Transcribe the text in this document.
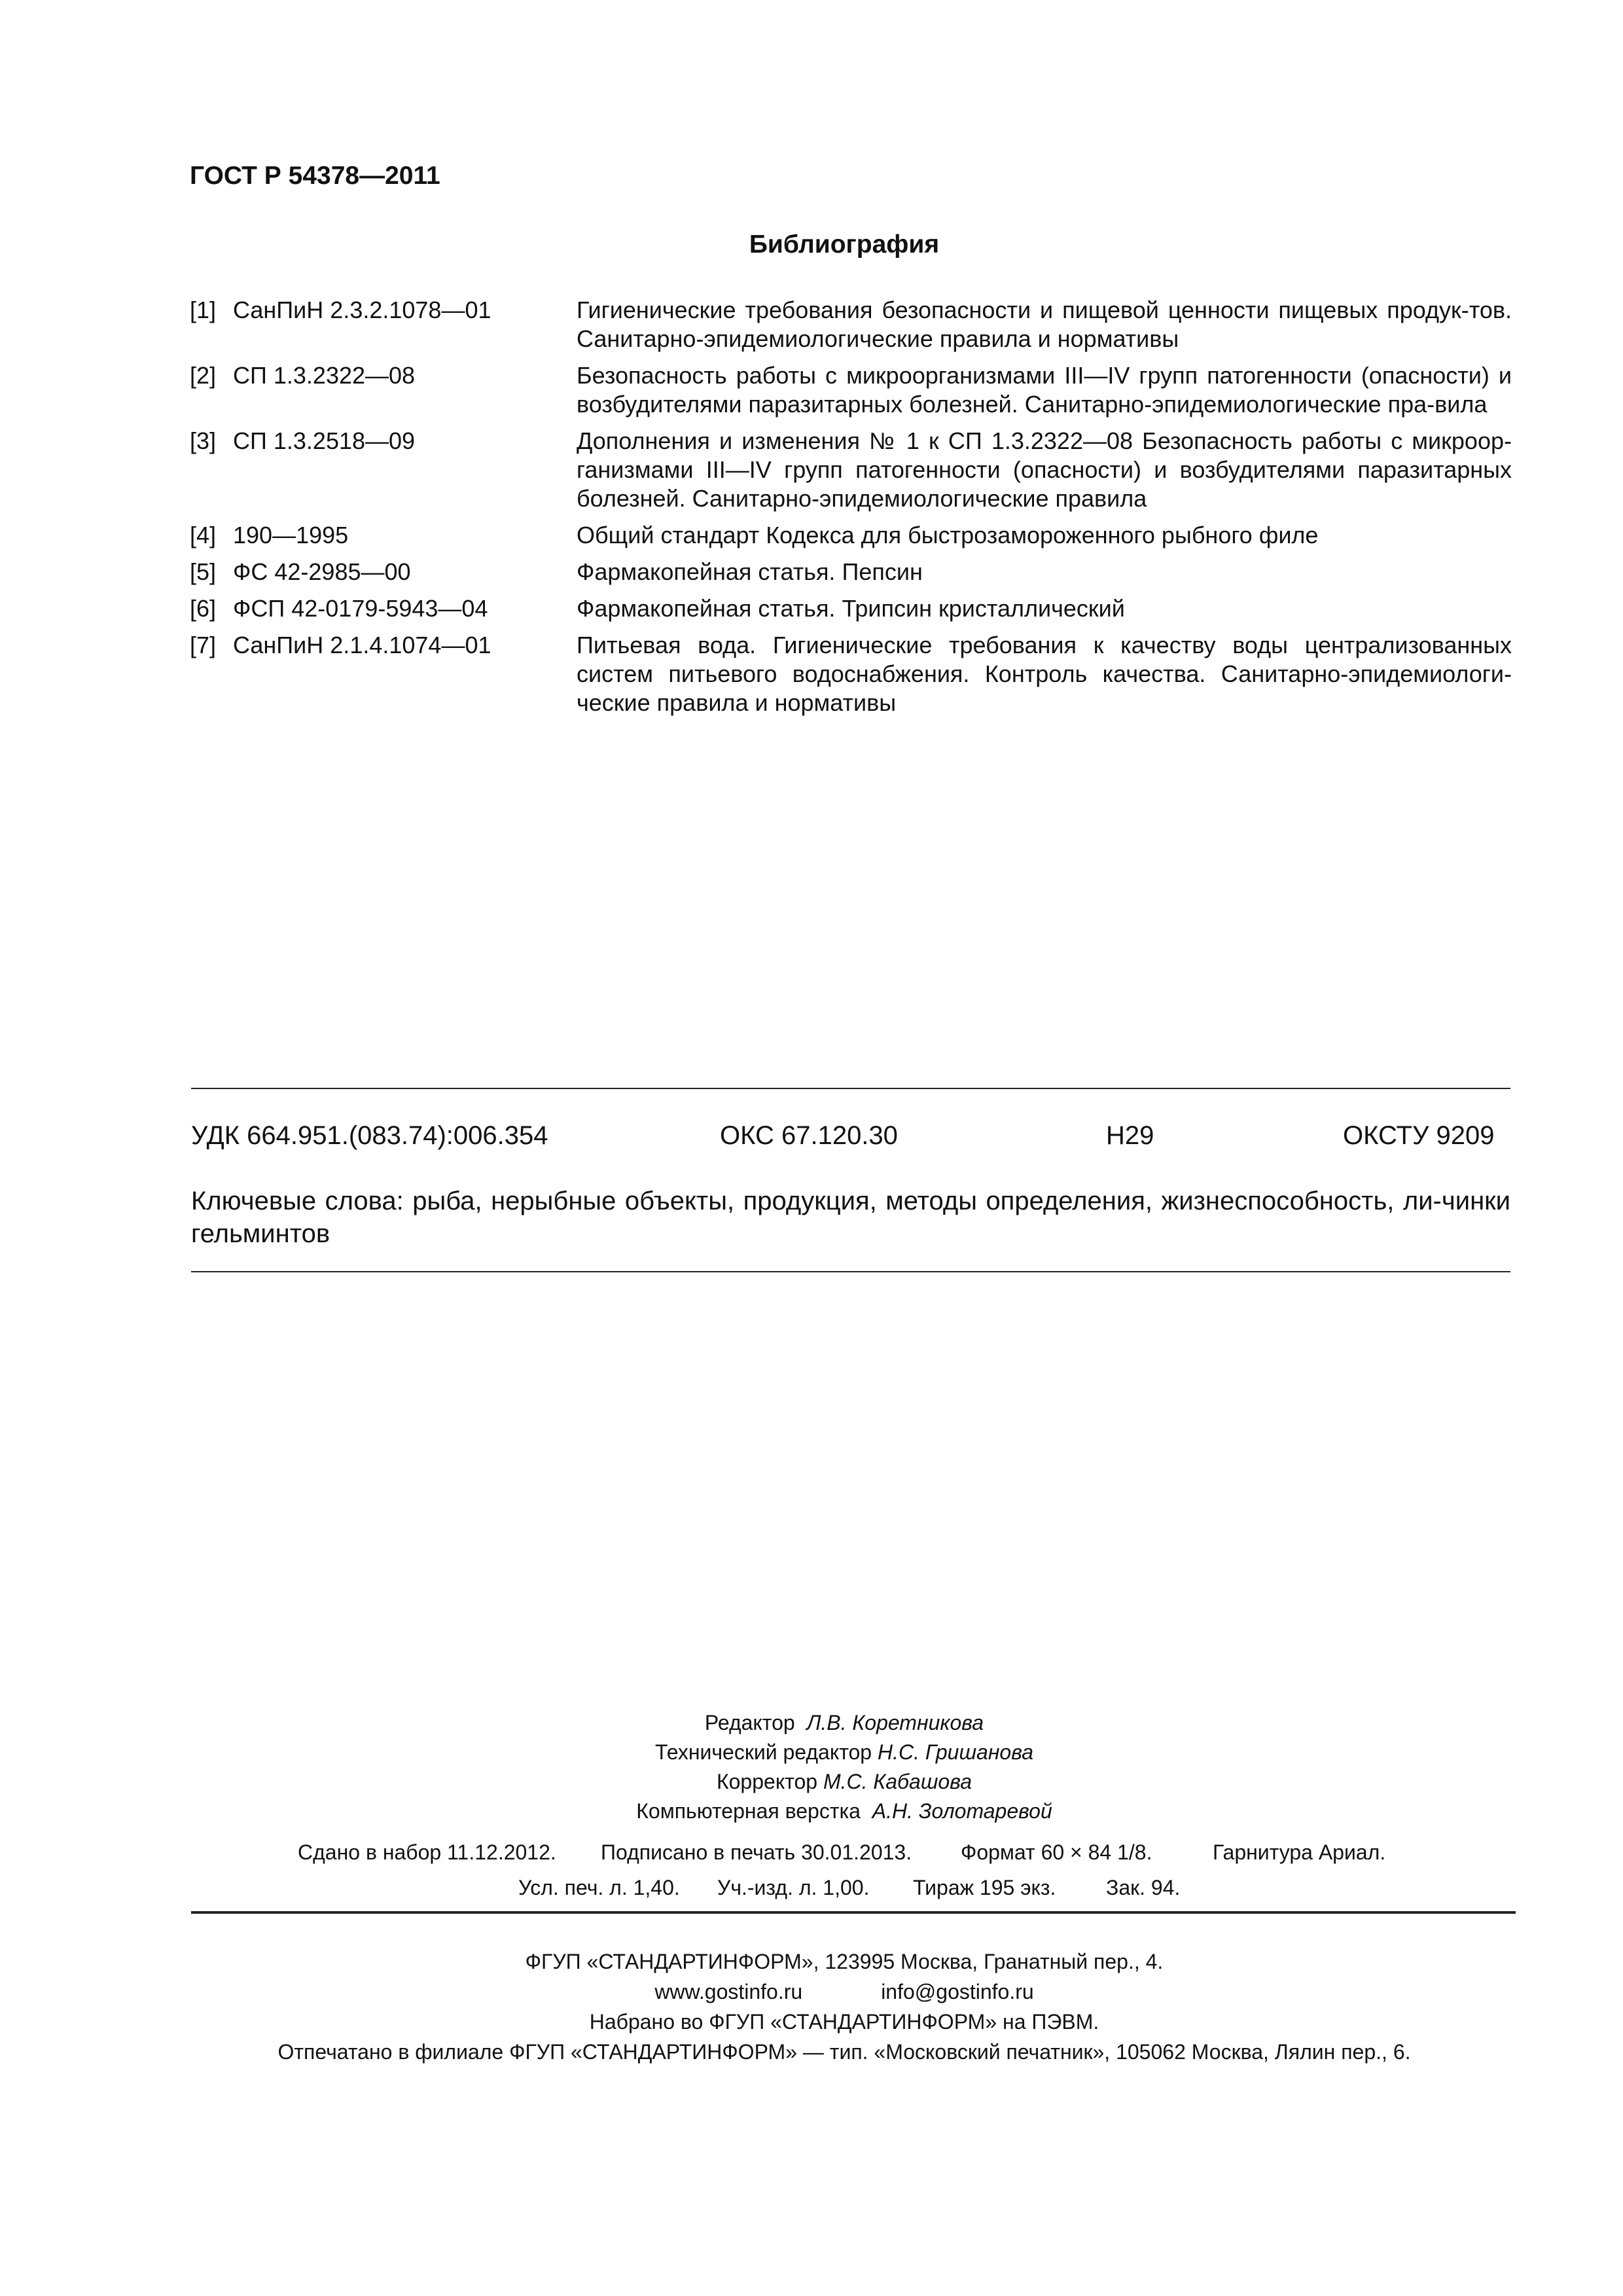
ГОСТ Р 54378—2011
Библиография
[1] СанПиН 2.3.2.1078—01	Гигиенические требования безопасности и пищевой ценности пищевых продук-тов. Санитарно-эпидемиологические правила и нормативы
[2] СП 1.3.2322—08	Безопасность работы с микроорганизмами III—IV групп патогенности (опасности) и возбудителями паразитарных болезней. Санитарно-эпидемиологические пра-вила
[3] СП 1.3.2518—09	Дополнения и изменения № 1 к СП 1.3.2322—08 Безопасность работы с микроор-ганизмами III—IV групп патогенности (опасности) и возбудителями паразитарных болезней. Санитарно-эпидемиологические правила
[4] 190—1995	Общий стандарт Кодекса для быстрозамороженного рыбного филе
[5] ФС 42-2985—00	Фармакопейная статья. Пепсин
[6] ФСП 42-0179-5943—04	Фармакопейная статья. Трипсин кристаллический
[7] СанПиН 2.1.4.1074—01	Питьевая вода. Гигиенические требования к качеству воды централизованных систем питьевого водоснабжения. Контроль качества. Санитарно-эпидемиологи-ческие правила и нормативы
УДК 664.951.(083.74):006.354	ОКС 67.120.30	Н29	ОКСТУ 9209
Ключевые слова: рыба, нерыбные объекты, продукция, методы определения, жизнеспособность, ли-чинки гельминтов
Редактор Л.В. Коретникова
Технический редактор Н.С. Гришанова
Корректор М.С. Кабашова
Компьютерная верстка А.Н. Золотаревой
Сдано в набор 11.12.2012. Подписано в печать 30.01.2013. Формат 60 × 84 1/8.	Гарнитура Ариал.
Усл. печ. л. 1,40. Уч.-изд. л. 1,00. Тираж 195 экз. Зак. 94.
ФГУП «СТАНДАРТИНФОРМ», 123995 Москва, Гранатный пер., 4.
www.gostinfo.ru	info@gostinfo.ru
Набрано во ФГУП «СТАНДАРТИНФОРМ» на ПЭВМ.
Отпечатано в филиале ФГУП «СТАНДАРТИНФОРМ» — тип. «Московский печатник», 105062 Москва, Лялин пер., 6.
